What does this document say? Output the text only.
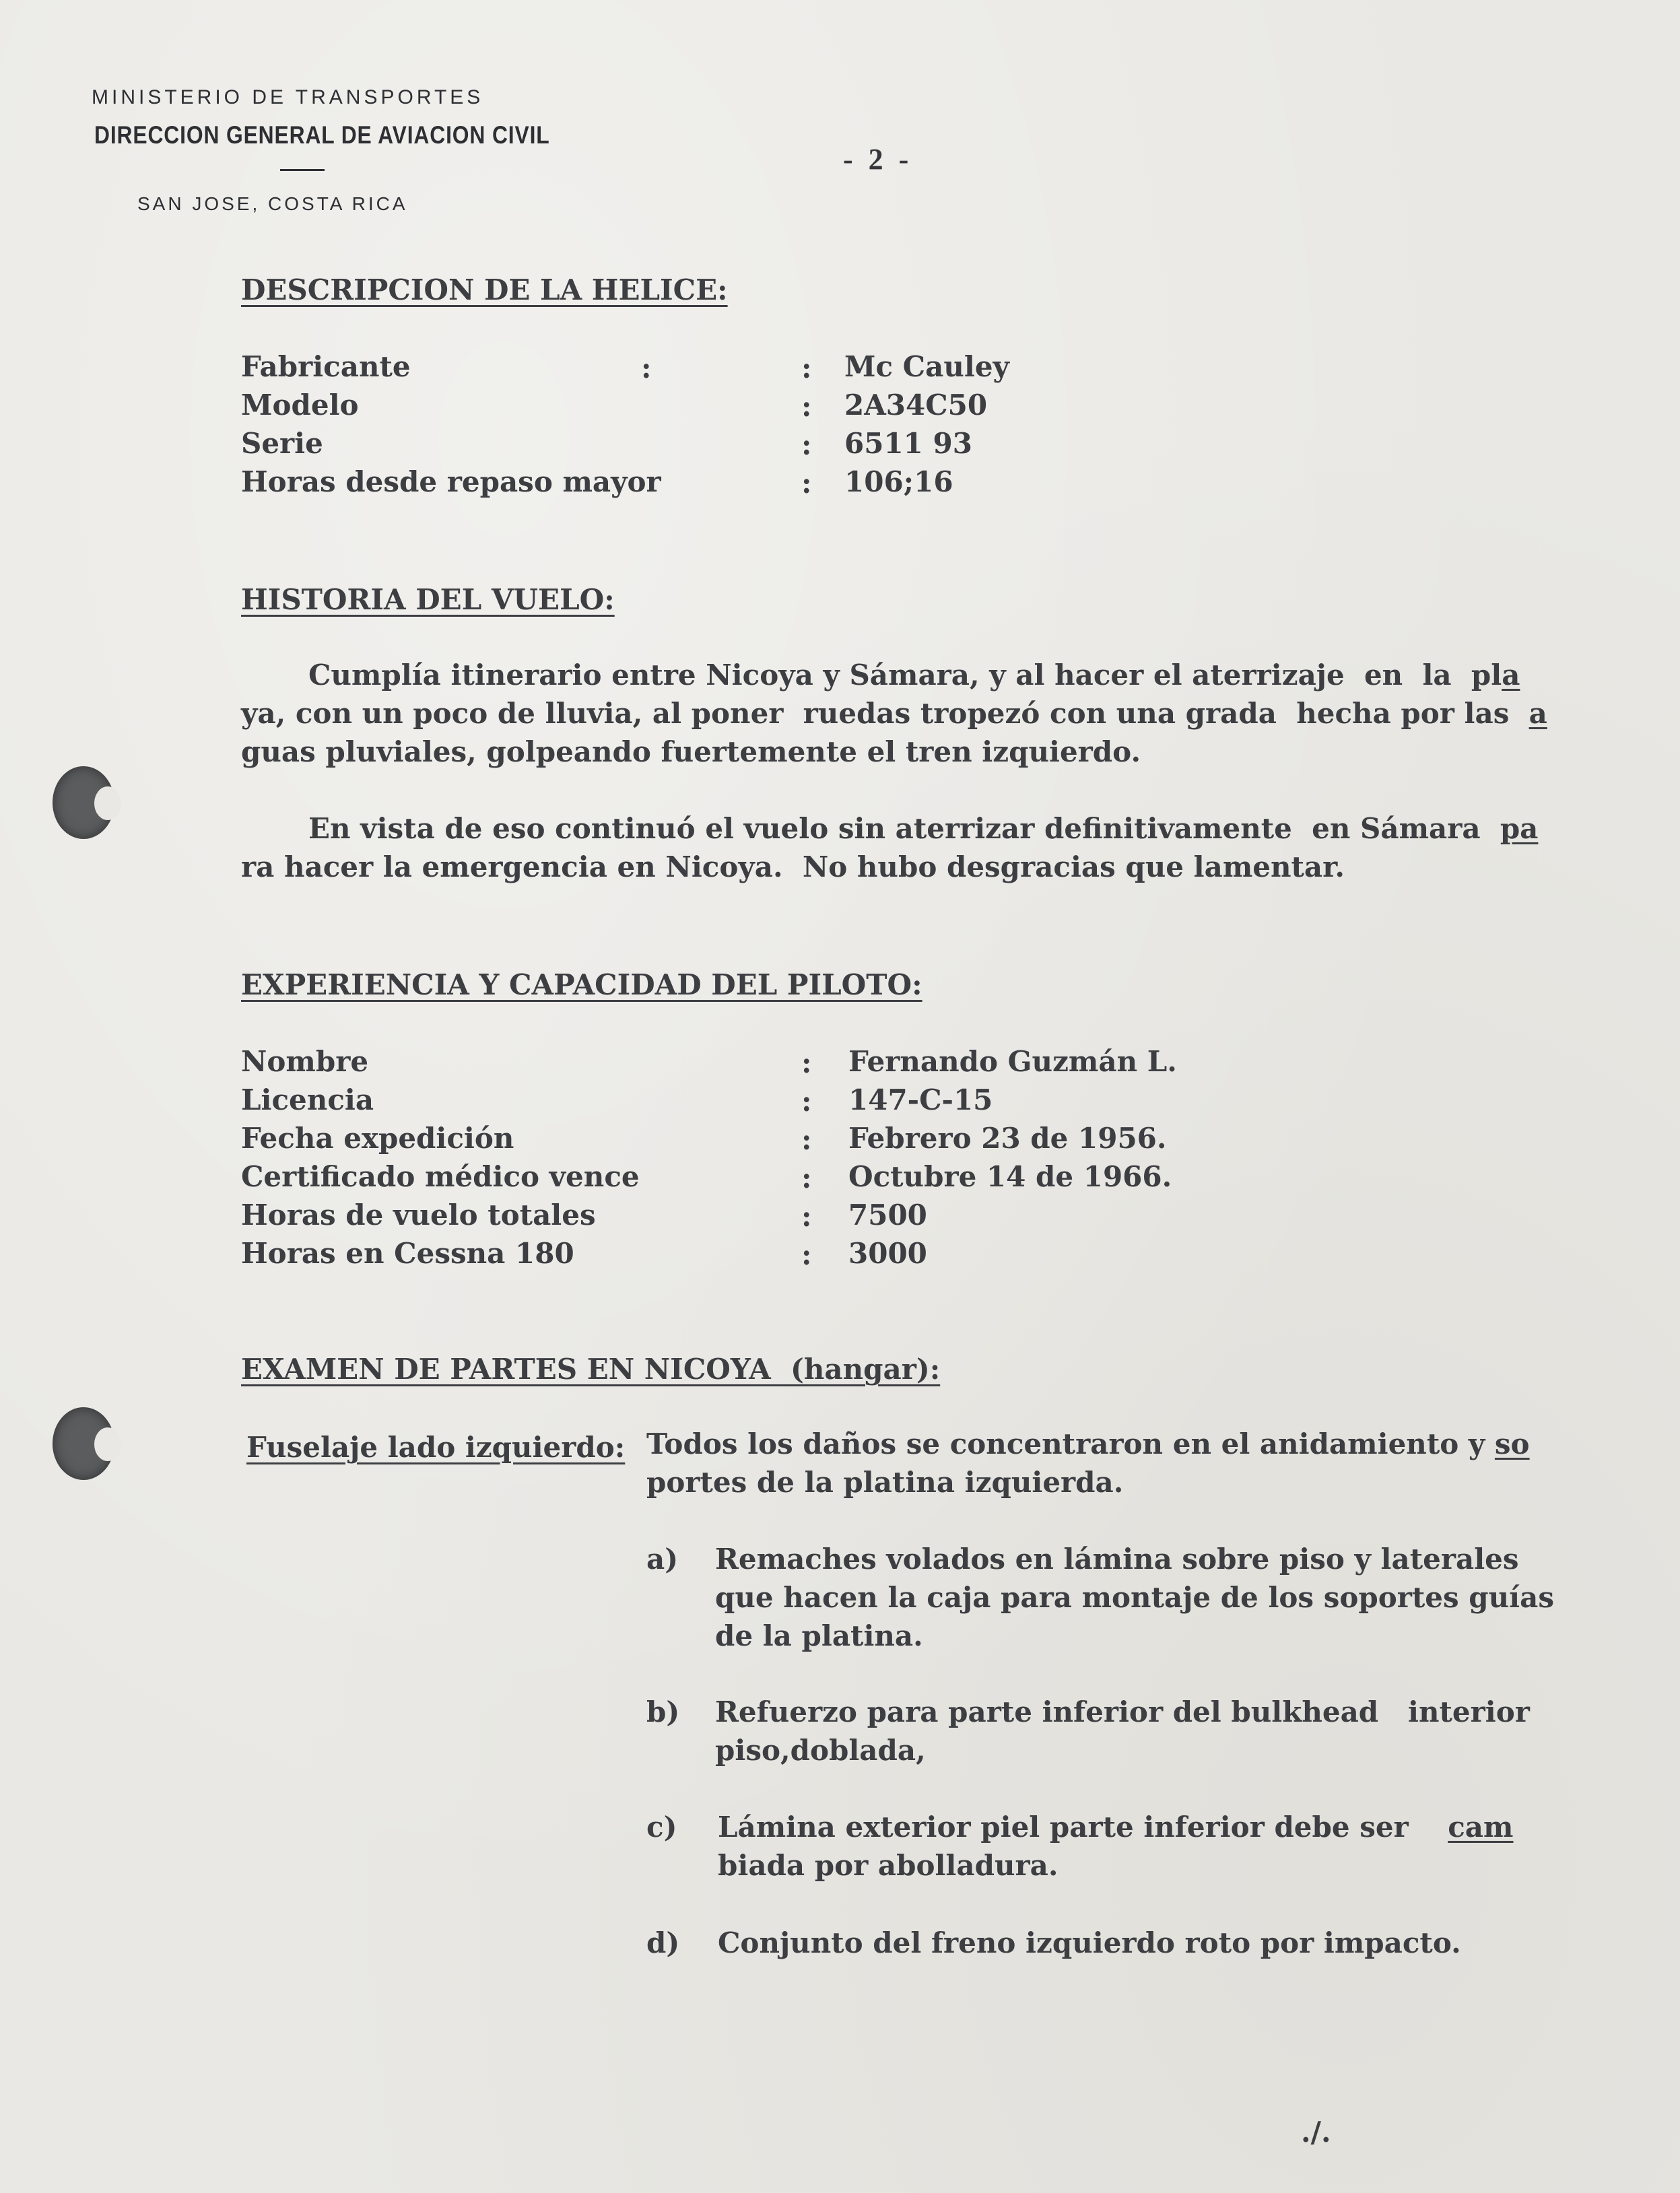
MINISTERIO DE TRANSPORTES
DIRECCION GENERAL DE AVIACION CIVIL
SAN JOSE, COSTA RICA
- 2 -
DESCRIPCION DE LA HELICE:
Fabricante	:	: Mc Cauley
Modelo	: 2A34C50
Serie	: 6511 93
Horas desde repaso mayor	: 106;16
HISTORIA DEL VUELO:
Cumplía itinerario entre Nicoya y Sámara, y al hacer el aterrizaje  en  la  pla
ya, con un poco de lluvia, al poner  ruedas tropezó con una grada  hecha por las  a
guas pluviales, golpeando fuertemente el tren izquierdo.
En vista de eso continuó el vuelo sin aterrizar definitivamente  en Sámara  pa
ra hacer la emergencia en Nicoya.  No hubo desgracias que lamentar.
EXPERIENCIA Y CAPACIDAD DEL PILOTO:
Nombre	: Fernando Guzmán L.
Licencia	: 147-C-15
Fecha expedición	: Febrero 23 de 1956.
Certificado médico vence	: Octubre 14 de 1966.
Horas de vuelo totales	: 7500
Horas en Cessna 180	: 3000
EXAMEN DE PARTES EN NICOYA  (hangar):
Fuselaje lado izquierdo: Todos los daños se concentraron en el anidamiento y so
portes de la platina izquierda.
a) Remaches volados en lámina sobre piso y laterales
que hacen la caja para montaje de los soportes guías
de la platina.
b) Refuerzo para parte inferior del bulkhead   interior
piso,doblada,
c) Lámina exterior piel parte inferior debe ser    cam
biada por abolladura.
d) Conjunto del freno izquierdo roto por impacto.
./.
